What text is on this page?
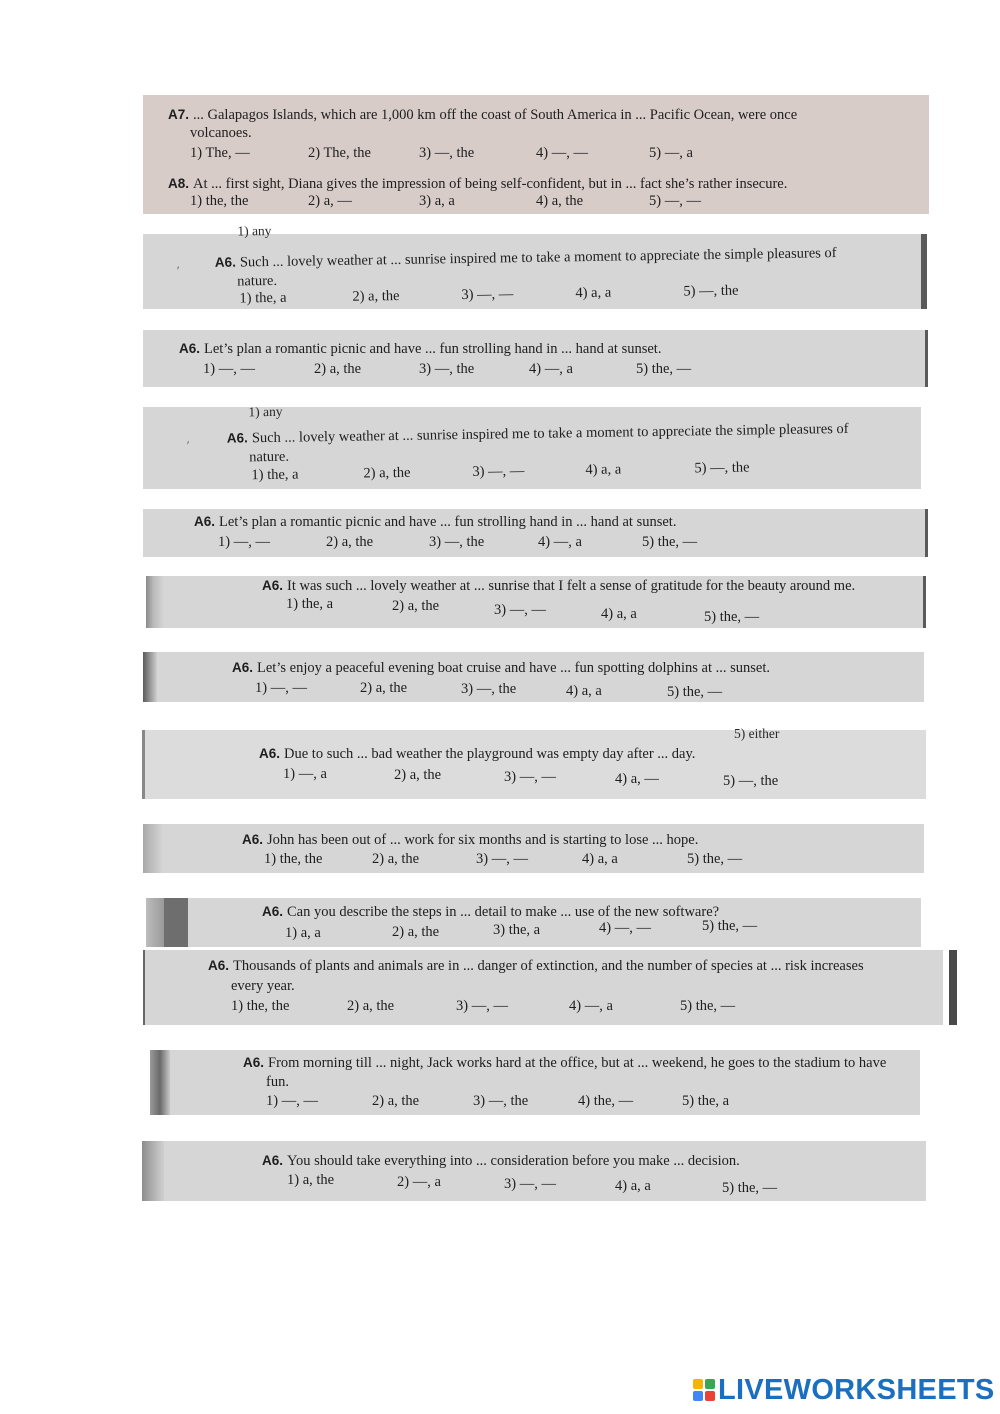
A7. ... Galapagos Islands, which are 1,000 km off the coast of South America in ... Pacific Ocean, were once
volcanoes.
1) The, —	2) The, the	3) —, the	4) —, —	5) —, a
A8. At ... first sight, Diana gives the impression of being self-confident, but in ... fact she’s rather insecure.
1) the, the	2) a, —	3) a, a	4) a, the	5) —, —
1) any
′
A6. Such ... lovely weather at ... sunrise inspired me to take a moment to appreciate the simple pleasures of
nature.
1) the, a	2) a, the	3) —, —	4) a, a	5) —, the
A6. Let’s plan a romantic picnic and have ... fun strolling hand in ... hand at sunset.
1) —, —	2) a, the	3) —, the	4) —, a	5) the, —
1) any
′	A6. Such ... lovely weather at ... sunrise inspired me to take a moment to appreciate the simple pleasures of
nature.
1) the, a	2) a, the	3) —, —	4) a, a	5) —, the
A6. Let’s plan a romantic picnic and have ... fun strolling hand in ... hand at sunset.
1) —, —	2) a, the	3) —, the	4) —, a	5) the, —
A6. It was such ... lovely weather at ... sunrise that I felt a sense of gratitude for the beauty around me.
1) the, a	2) a, the	3) —, —	4) a, a	5) the, —
A6. Let’s enjoy a peaceful evening boat cruise and have ... fun spotting dolphins at ... sunset.
1) —, —	2) a, the	3) —, the	4) a, a	5) the, —
5) either
A6. Due to such ... bad weather the playground was empty day after ... day.
1) —, a	2) a, the	3) —, —	4) a, —	5) —, the
A6. John has been out of ... work for six months and is starting to lose ... hope.
1) the, the	2) a, the	3) —, —	4) a, a	5) the, —
A6. Can you describe the steps in ... detail to make ... use of the new software?
1) a, a	2) a, the	3) the, a	4) —, —	5) the, —
A6. Thousands of plants and animals are in ... danger of extinction, and the number of species at ... risk increases
every year.
1) the, the	2) a, the	3) —, —	4) —, a	5) the, —
A6. From morning till ... night, Jack works hard at the office, but at ... weekend, he goes to the stadium to have
fun.
1) —, —	2) a, the	3) —, the	4) the, —	5) the, a
A6. You should take everything into ... consideration before you make ... decision.
1) a, the	2) —, a	3) —, —	4) a, a	5) the, —
LIVEWORKSHEETS
